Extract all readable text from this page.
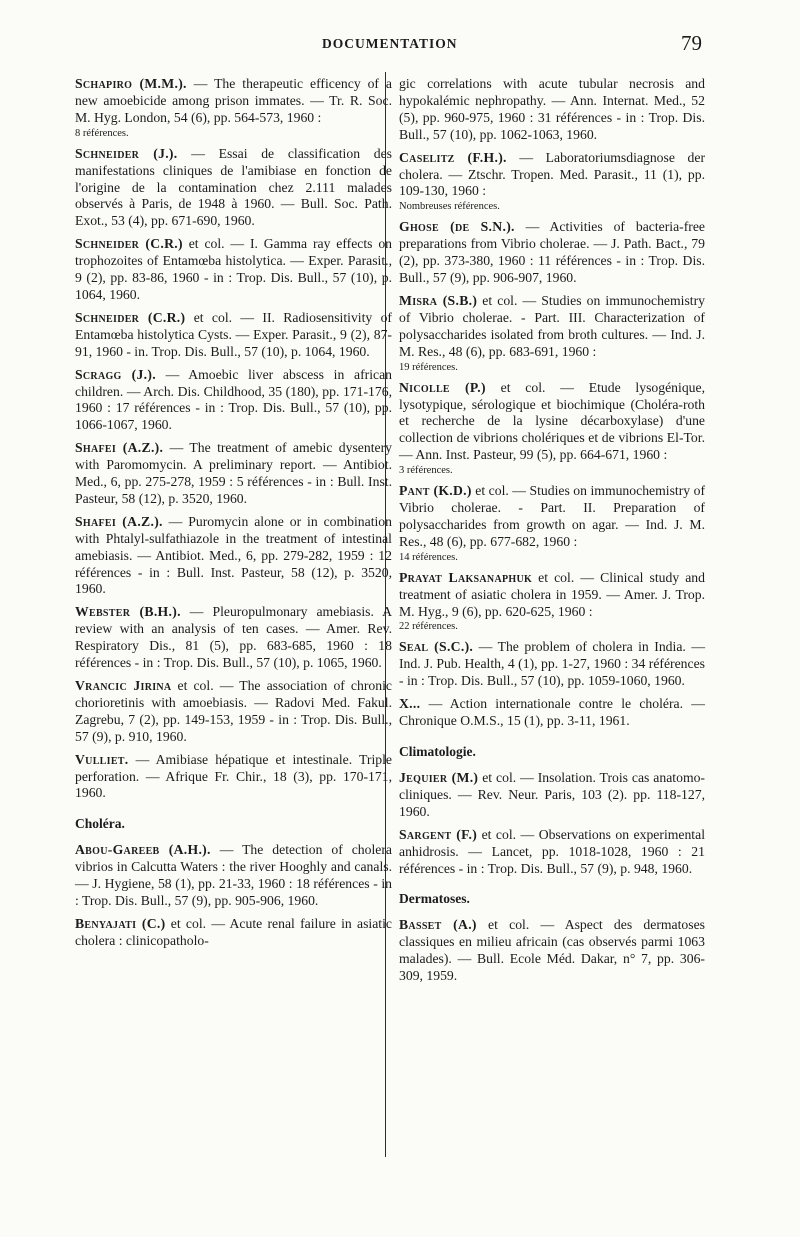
DOCUMENTATION	79
Schapiro (M.M.). — The therapeutic efficency of a new amoebicide among prison immates. — Tr. R. Soc. M. Hyg. London, 54 (6), pp. 564-573, 1960 :
8 références.
Schneider (J.). — Essai de classification des manifestations cliniques de l'amibiase en fonction de l'origine de la contamination chez 2.111 malades observés à Paris, de 1948 à 1960. — Bull. Soc. Path. Exot., 53 (4), pp. 671-690, 1960.
Schneider (C.R.) et col. — I. Gamma ray effects on trophozoites of Entamœba histolytica. — Exper. Parasit., 9 (2), pp. 83-86, 1960 - in : Trop. Dis. Bull., 57 (10), p. 1064, 1960.
Schneider (C.R.) et col. — II. Radiosensitivity of Entamœba histolytica Cysts. — Exper. Parasit., 9 (2), 87-91, 1960 - in. Trop. Dis. Bull., 57 (10), p. 1064, 1960.
Scragg (J.). — Amoebic liver abscess in african children. — Arch. Dis. Childhood, 35 (180), pp. 171-176, 1960 : 17 références - in : Trop. Dis. Bull., 57 (10), pp. 1066-1067, 1960.
Shafei (A.Z.). — The treatment of amebic dysentery with Paromomycin. A preliminary report. — Antibiot. Med., 6, pp. 275-278, 1959 : 5 références - in : Bull. Inst. Pasteur, 58 (12), p. 3520, 1960.
Shafei (A.Z.). — Puromycin alone or in combination with Phtalyl-sulfathiazole in the treatment of intestinal amebiasis. — Antibiot. Med., 6, pp. 279-282, 1959 : 12 références - in : Bull. Inst. Pasteur, 58 (12), p. 3520, 1960.
Webster (B.H.). — Pleuropulmonary amebiasis. A review with an analysis of ten cases. — Amer. Rev. Respiratory Dis., 81 (5), pp. 683-685, 1960 : 18 références - in : Trop. Dis. Bull., 57 (10), p. 1065, 1960.
Vrancic Jirina et col. — The association of chronic chorioretinis with amoebiasis. — Radovi Med. Fakul. Zagrebu, 7 (2), pp. 149-153, 1959 - in : Trop. Dis. Bull., 57 (9), p. 910, 1960.
Vulliet. — Amibiase hépatique et intestinale. Triple perforation. — Afrique Fr. Chir., 18 (3), pp. 170-171, 1960.
Choléra.
Abou-Gareeb (A.H.). — The detection of cholera vibrios in Calcutta Waters : the river Hooghly and canals. — J. Hygiene, 58 (1), pp. 21-33, 1960 : 18 références - in : Trop. Dis. Bull., 57 (9), pp. 905-906, 1960.
Benyajati (C.) et col. — Acute renal failure in asiatic cholera : clinicopatholo-
gic correlations with acute tubular necrosis and hypokalémic nephropathy. — Ann. Internat. Med., 52 (5), pp. 960-975, 1960 : 31 références - in : Trop. Dis. Bull., 57 (10), pp. 1062-1063, 1960.
Caselitz (F.H.). — Laboratoriumsdiagnose der cholera. — Ztschr. Tropen. Med. Parasit., 11 (1), pp. 109-130, 1960 :
Nombreuses références.
Ghose (de S.N.). — Activities of bacteria-free preparations from Vibrio cholerae. — J. Path. Bact., 79 (2), pp. 373-380, 1960 : 11 références - in : Trop. Dis. Bull., 57 (9), pp. 906-907, 1960.
Misra (S.B.) et col. — Studies on immunochemistry of Vibrio cholerae. - Part. III. Characterization of polysaccharides isolated from broth cultures. — Ind. J. M. Res., 48 (6), pp. 683-691, 1960 :
19 références.
Nicolle (P.) et col. — Etude lysogénique, lysotypique, sérologique et biochimique (Choléra-roth et recherche de la lysine décarboxylase) d'une collection de vibrions cholériques et de vibrions El-Tor. — Ann. Inst. Pasteur, 99 (5), pp. 664-671, 1960 :
3 références.
Pant (K.D.) et col. — Studies on immunochemistry of Vibrio cholerae. - Part. II. Preparation of polysaccharides from growth on agar. — Ind. J. M. Res., 48 (6), pp. 677-682, 1960 :
14 références.
Prayat Laksanaphuk et col. — Clinical study and treatment of asiatic cholera in 1959. — Amer. J. Trop. M. Hyg., 9 (6), pp. 620-625, 1960 :
22 références.
Seal (S.C.). — The problem of cholera in India. — Ind. J. Pub. Health, 4 (1), pp. 1-27, 1960 : 34 références - in : Trop. Dis. Bull., 57 (10), pp. 1059-1060, 1960.
X... — Action internationale contre le choléra. — Chronique O.M.S., 15 (1), pp. 3-11, 1961.
Climatologie.
Jequier (M.) et col. — Insolation. Trois cas anatomo-cliniques. — Rev. Neur. Paris, 103 (2). pp. 118-127, 1960.
Sargent (F.) et col. — Observations on experimental anhidrosis. — Lancet, pp. 1018-1028, 1960 : 21 références - in : Trop. Dis. Bull., 57 (9), p. 948, 1960.
Dermatoses.
Basset (A.) et col. — Aspect des dermatoses classiques en milieu africain (cas observés parmi 1063 malades). — Bull. Ecole Méd. Dakar, n° 7, pp. 306-309, 1959.
